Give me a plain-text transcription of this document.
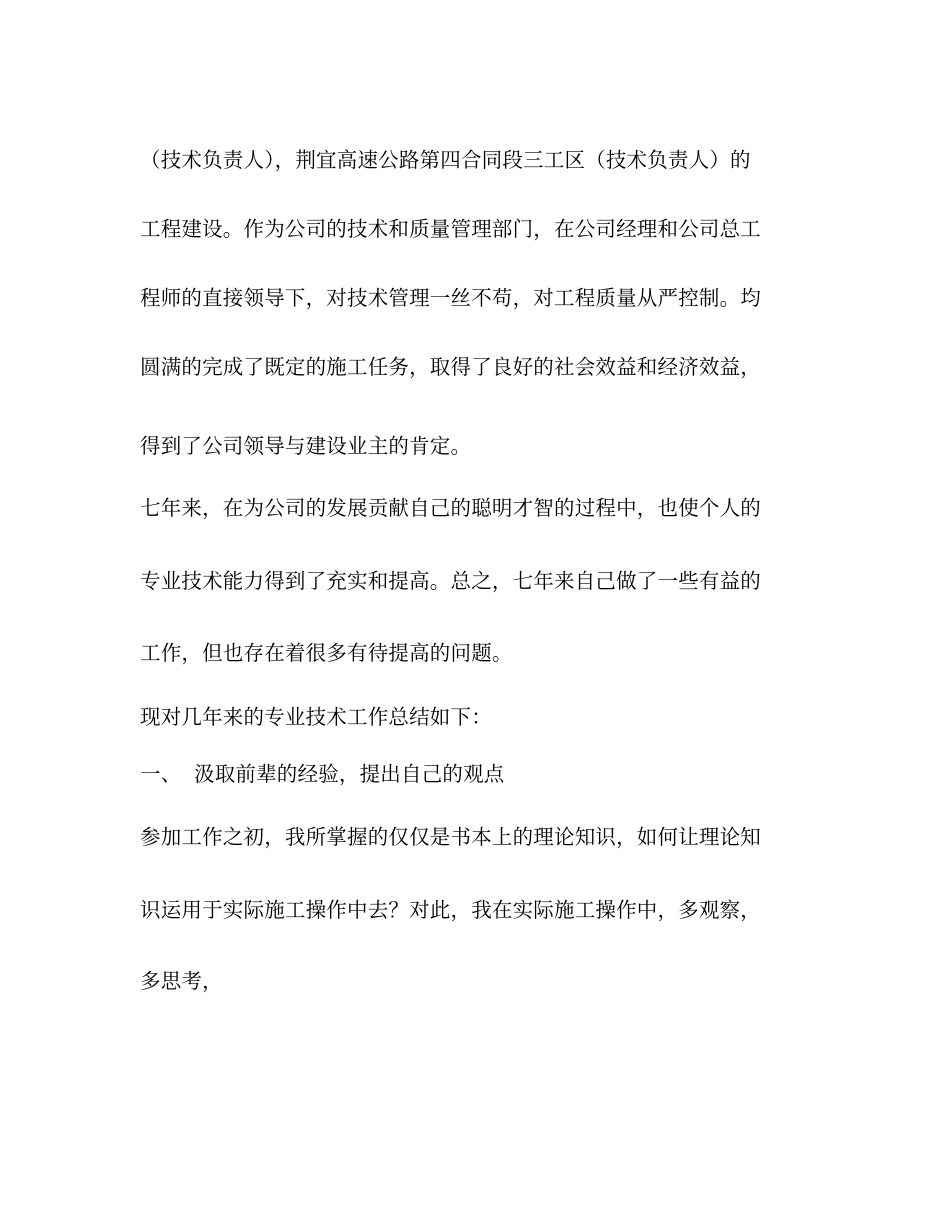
（技术负责人），荆宜高速公路第四合同段三工区（技术负责人）的
工程建设。作为公司的技术和质量管理部门，在公司经理和公司总工
程师的直接领导下，对技术管理一丝不苟，对工程质量从严控制。均
圆满的完成了既定的施工任务，取得了良好的社会效益和经济效益，
得到了公司领导与建设业主的肯定。
七年来，在为公司的发展贡献自己的聪明才智的过程中，也使个人的
专业技术能力得到了充实和提高。总之，七年来自己做了一些有益的
工作，但也存在着很多有待提高的问题。
现对几年来的专业技术工作总结如下：
一、 汲取前辈的经验，提出自己的观点
参加工作之初，我所掌握的仅仅是书本上的理论知识，如何让理论知
识运用于实际施工操作中去？对此，我在实际施工操作中，多观察，
多思考，
